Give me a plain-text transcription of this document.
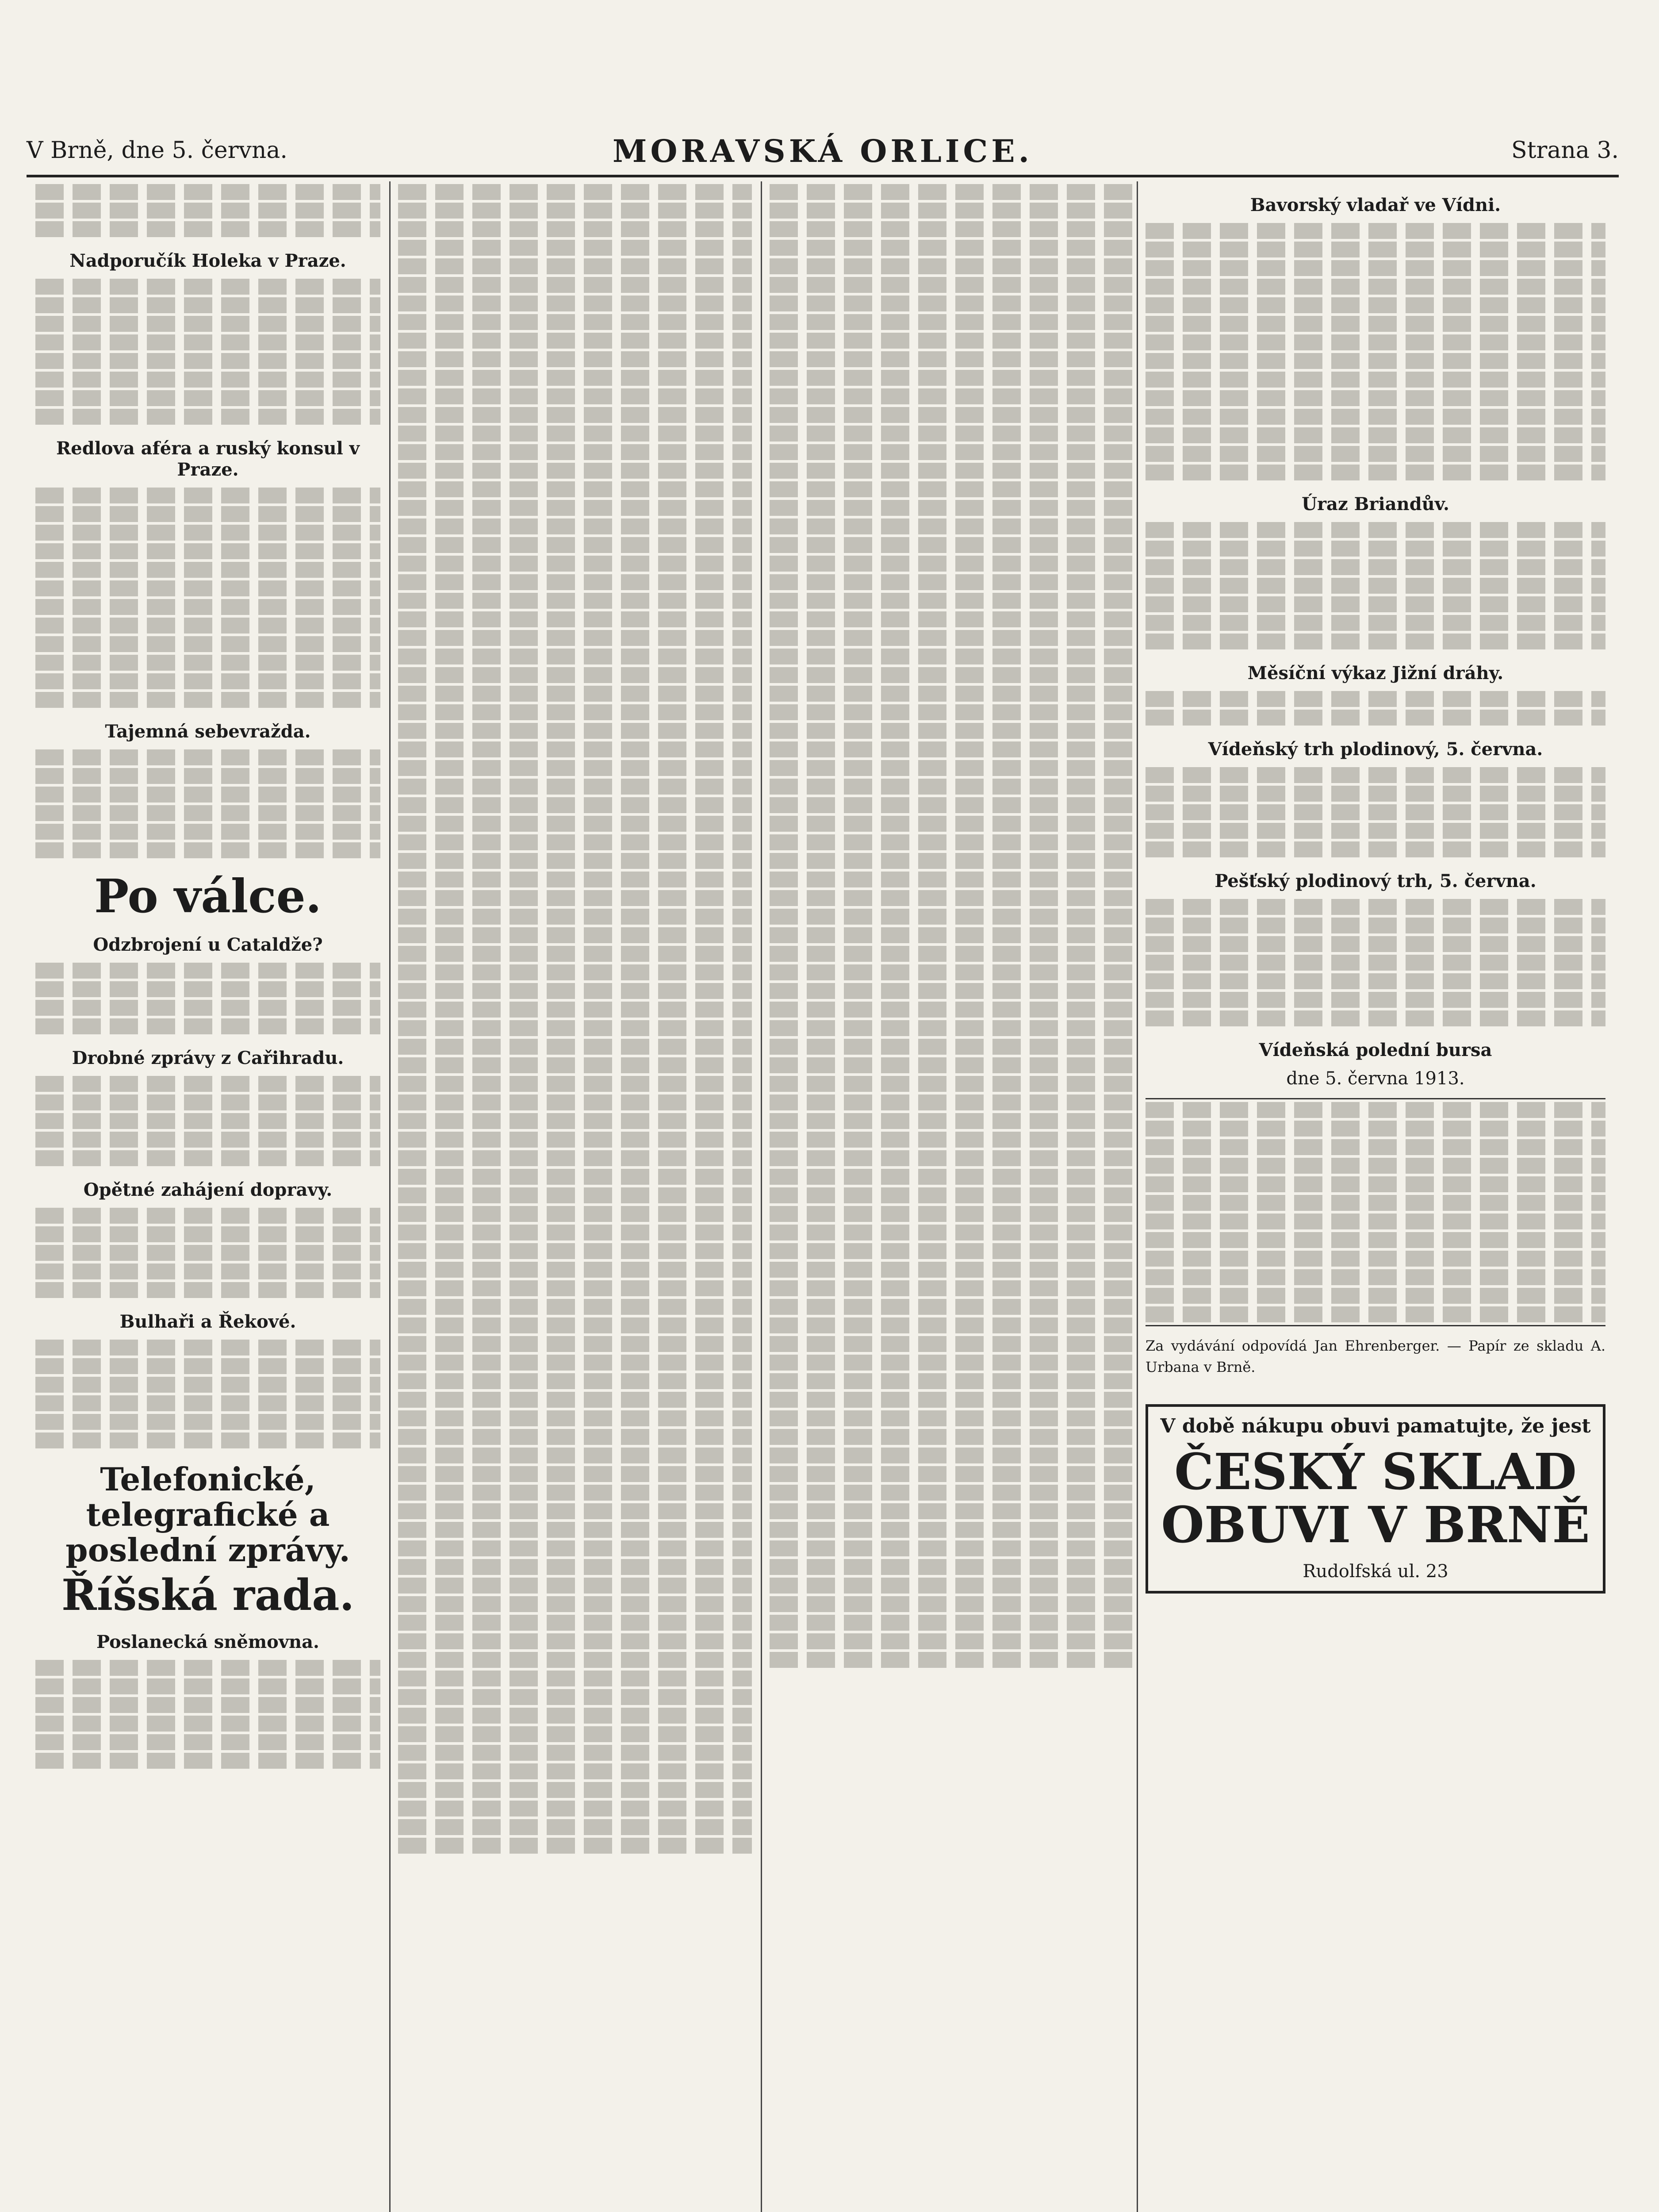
V Brně, dne 5. června.	MORAVSKÁ ORLICE.	Strana 3.
Nadporučík Holeka v Praze.
Redlova aféra a ruský konsul v Praze.
Tajemná sebevražda.
Po válce.
Odzbrojení u Cataldže?
Drobné zprávy z Cařihradu.
Opětné zahájení dopravy.
Bulhaři a Řekové.
Telefonické, telegrafické a poslední zprávy.
Říšská rada.
Poslanecká sněmovna.
Bavorský vladař ve Vídni.
Úraz Briandův.
Měsíční výkaz Jižní dráhy.
Vídeňský trh plodinový, 5. června.
Pešťský plodinový trh, 5. června.
Vídeňská polední bursa
dne 5. června 1913.
Za vydávání odpovídá Jan Ehrenberger. — Papír ze skladu A. Urbana v Brně.
V době nákupu obuvi pamatujte, že jest
ČESKÝ SKLAD OBUVI V BRNĚ
Rudolfská ul. 23
